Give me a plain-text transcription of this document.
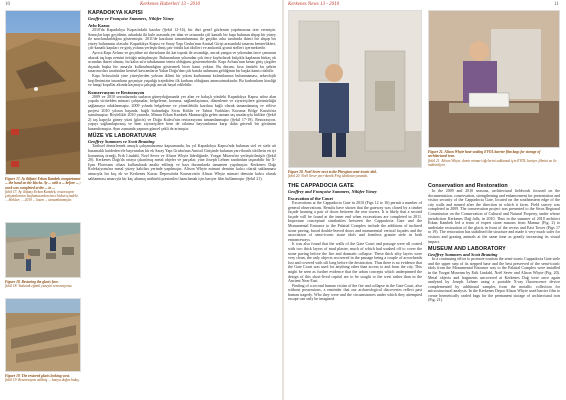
10	Kerkenes Haberleri 13 - 2010
Figure 17. Ay iltifatci Erkan Kambek compartment ... the hand on the blocks. Ay ... with a ... before ... ; work was completed at the ... in ...
Şekil 17. Ay iltifatçı Erkan Kambek, restorasyon çalışmalarının başlamasından önce bidon içindeki ... bloklar; ... 2010 ... kısım ... tamamlanmıştır.
Figure 18. Restoring the glacis face.
Şekil 18. Yaslanık eğimli yüzeyin restorasyonu.
Figure 19. The restored glacis looking west.
Şekil 19. Restorasyon edilmiş ... batıya doğru bakış.
KAPADOKYA KAPISI
Geoffrey ve Françoise Summers, Nilüfer Yöney
Avlu Kazısı
2010'da Kapadokya Kapısı'ndaki kazılar (Şekil 12-16), bir dizi genel gözlemin yapılmasına izin vermiştir. Sonuçlar kapı geçidinin, arkadaki iki kule arasında yer alan ve ortasında çift kanatlı bir kapı bulunan ahşap bir yüzey ile sınırlandırıldığını göstermiştir. 2011'de kazıların tamamlanması ile geçidin arka tarafında ikinci bir ahşap bir yüzey bulunması olasıdır. Kapadokya Kapısı ve Saray Yapı Grubu'nun Anıtsal Girişi arasındaki tasarım benzerlikleri, çift-kanatlı kapıları ve giriş yoluna yerleştirilmiş çatı-örtülü kat idolleri ve anıkonik granit stelleri içermektedir.
Ayrıca Kapı Avlusu ve geçidine ait duvarların iki kat toprak ile sıvandığı, ancak yangın ve yıkımdan önce çamurun akarak taş kapı zemini örttüğü anlaşılmıştır. Bulunanların yıkımdan çok önce kaybolarak balçıkla kaplanan birkaç ok ucundan ibaret olması, bu kalın sıfır tabakasının temiz olduğunu göstermektedir. Kapı Avlusu'nun kenar giriş çizgiler dışında başka bir ansayla kullanılmadığını göstermek birer kanıt yoktur. Bu durum, kısa ömürlü bu şehrin tasarımcıları tarafından kentsel kavramların Yakın Doğu'dan çok batıda anlamına geldiğinin bir başka kanıtı olabilir.
Kapı Avlusu'nda yine yüzeylerden yoksun iklimi bir yıkım kurbanının kalıntılarının bulunmaması, arkeolojik keşiflerimizin insanların geçmişte yaşadığı trajediden ilk kurbanı olduğunu anımsatmaktadır. Bu kurbanların kimliği ve hangi koşullar altında kaçmaya çalıştığı ancak hayal edilebilir.
Konservasyon ve Restorasyon
2009 ve 2010 sezonlarında surların güneydoğusunda yer alan ve bakışlı yöndeki Kapadokya Kapısı adını alan yapıda virtüelden mimari çalışmalar, belgeleme, koruma, sağlamlaştırma, düzenleme ve ziyaretçilere görünürlüğü sağlamaya odaklanmıştır. 2009 yılında belgeleme ve yönetilebilir kazılara bağlı olarak tamamlanmış ve rölöve projesi 2010 yılının başında, bağlı bulunduğu Sivas Kültür ve Tabiat Varlıkları Koruma Bölge Kurulu'na sunulmuştur. Böylelikle 2010 yazında, Mimar Erkan Kambek Mansuroğlu gelen uzman taş ustalarıyla birlikte (Şekil 2) taş kapıyla güney yüzü (glacis) ve Doğu Kulesi'nin restorasyonu tamamlanmıştır (Şekil 17-19). Restorasyon, yapıyı sağlamlaştırmış ve hem ziyaretçilere hem de otlatma hayvanlarına karşı daha güvenli bir görünüm kazandırmıştır. Aynı zamanda yapının güncel şekli de artmıştır.
MÜZE VE LABORATUVAR
Geoffrey Summers ve Scott Branting
Tarihsel demirlemek amaçlı çalışmalarımız kapsamında, bu yıl Kapadokya Kapısı'nda bulunan stel ve stele ait basamaklı kaideden ele başvurulan bir ek Saray Yapı Grubu'nun Anıtsal Girişinde bulunan yarı-ikonik idollerin en iyi korunmuş örneği, Erik Lindahl, Noel Sever ve Alison Whyte liderliğinde, Yozgat Müzesi'ne yerleştirilmiştir (Şekil 20). Kerkenes Dağı'da ortaya çıkarılmış metal objeler ve parçalar, yine Joseph Lehner tarafından taşınabilir bir X-Işını Floresans cihazı kullanılarak analiz edilmiş ve bazı durumlarda tamamen yapılmıştır. Kerkenes Dağı Koleksiyonu'na metal yüzey kalıtları yerinde yapılmıştır. Alison Whyte mimari demirin kalıcı olarak saklanması amacıyla bir kaç ek ve Kerkenes Kazısı Deposu'nda Konservatör Alison Whyte mimari demirin kalıcı olarak saklanması amacıyla bir kaç alınmış mühürlü prestonleri hazırlamak için bariyer film kullanmıştır (Şekil 21).
Kerkenes News 13 - 2010	11
Figure 20. Noël Sever next to the Phrygian semi-iconic idol.
Şekil 20. Noël Sever yarı-ikonik Frig idolünün yanında.
Figure 21. Alison Whyte heat-sealing EVOL barrier film bags for storage of architectural iron.
Şekil 21. Alison Whyte, demir mimari öğelerini saklamak için EVOL bariyer filmini ısı ile mühürlüyor.
THE CAPPADOCIA GATE
Geoffrey and Françoise Summers, Nilüfer Yöney
Excavation of the Court
Excavations at the Cappadocia Gate in 2010 (Figs 12 to 16) permit a number of general observations. Results have shown that the gateway was closed by a timber façade housing a pair of doors between the rear towers. It is likely that a second façade will be found at the inner end when excavations are completed in 2011. Important conceptual similarities between the Cappadocia Gate and the Monumental Entrance to the Palatial Complex include the additions of inclined stone paving, broad double-leaved doors and monumental vertical façades and the association of semi-iconic stone idols and formless granite stele in both entranceways.
It was also found that the walls of the Gate Court and passage were all coated with two thick layers of mud plaster, much of which had washed off to cover the stone paving before the fire and dramatic collapse. These thick silty layers were very clean, the only objects recovered in the passage being a couple of arrowheads lost and covered with silt long before the destruction. Thus there is no evidence that the Gate Court was used for anything other than access to and from the city. This might be seen as further evidence that the urban concepts which underpinned the design of this short-lived capital are to be sought to the west rather than in the Ancient Near East.
Finding of a second human victim of the fire and collapse in the Gate Court, also without possessions, a reminder that our archaeological discoveries reflect past human tragedy. Who they were and the circumstances under which they attempted escape can only be imagined.
Conservation and Restoration
In the 2009 and 2010 seasons, architectural fieldwork focused on the documentation, conservation, strengthening and enhancement for presentation and visitor security of the Cappadocia Gate, located on the southeastern edge of the city walls and named after the direction in which it faces. Field survey was completed in 2009. The conservation project was presented to the Sivas Regional Commission on the Conservation of Cultural and Natural Property, under whose jurisdiction Kerkenes Dağ falls, in 2010. Thus in the summer of 2010 architect Erkan Kambek led a team of expert stone masons from Mansur (Fig. 2) to undertake restoration of the glacis in front of the recess and East Tower (Figs 17 to 19). The restoration has stabilised the structure and made it very much safer for visitors and grazing animals at the same time as greatly increasing its visual impact.
MUSEUM AND LABORATORY
Geoffrey Summers and Scott Branting
In a continuing effort to promote tourism the semi-iconic Cappadocia Gate stele and the upper step of its stepped base and the best preserved of the semi-iconic idols from the Monumental Entrance way to the Palatial Complex were installed in the Yozgat Museum by Erik Lindahl, Noël Sever and Alison Whyte (Fig. 20). Metal objects and fragments uncovered at Kerkenes Dağ were once again analyzed by Joseph Lehner using a portable X-ray fluorescence device complemented by additional samples from the metallic collection for microstructural analysis. In the Kerkenes Depot Alison Whyte used barrier film to create hermetically sealed bags for the permanent storage of architectural iron (Fig. 21).
